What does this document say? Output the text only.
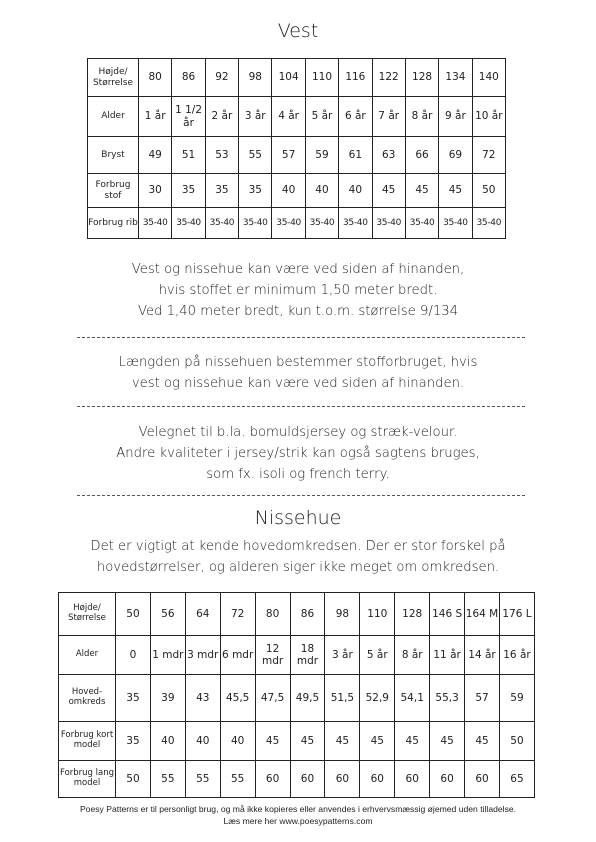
Vest
Højde/ Størrelse	80	86	92	98	104	110	116	122	128	134	140
Alder	1 år	1 1/2 år	2 år	3 år	4 år	5 år	6 år	7 år	8 år	9 år	10 år
Bryst	49	51	53	55	57	59	61	63	66	69	72
Forbrug stof	30	35	35	35	40	40	40	45	45	45	50
Forbrug rib	35-40	35-40	35-40	35-40	35-40	35-40	35-40	35-40	35-40	35-40	35-40
Vest og nissehue kan være ved siden af hinanden,
hvis stoffet er minimum 1,50 meter bredt.
Ved 1,40 meter bredt, kun t.o.m. størrelse 9/134
Længden på nissehuen bestemmer stofforbruget, hvis
vest og nissehue kan være ved siden af hinanden.
Velegnet til b.la. bomuldsjersey og stræk-velour.
Andre kvaliteter i jersey/strik kan også sagtens bruges,
som fx. isoli og french terry.
Nissehue
Det er vigtigt at kende hovedomkredsen. Der er stor forskel på
hovedstørrelser, og alderen siger ikke meget om omkredsen.
Højde/ Størrelse	50	56	64	72	80	86	98	110	128	146 S	164 M	176 L
Alder	0	1 mdr	3 mdr	6 mdr	12 mdr	18 mdr	3 år	5 år	8 år	11 år	14 år	16 år
Hoved- omkreds	35	39	43	45,5	47,5	49,5	51,5	52,9	54,1	55,3	57	59
Forbrug kort model	35	40	40	40	45	45	45	45	45	45	45	50
Forbrug lang model	50	55	55	55	60	60	60	60	60	60	60	65
Poesy Patterns er til personligt brug, og må ikke kopieres eller anvendes i erhvervsmæssig øjemed uden tilladelse.
Læs mere her www.poesypatterns.com
